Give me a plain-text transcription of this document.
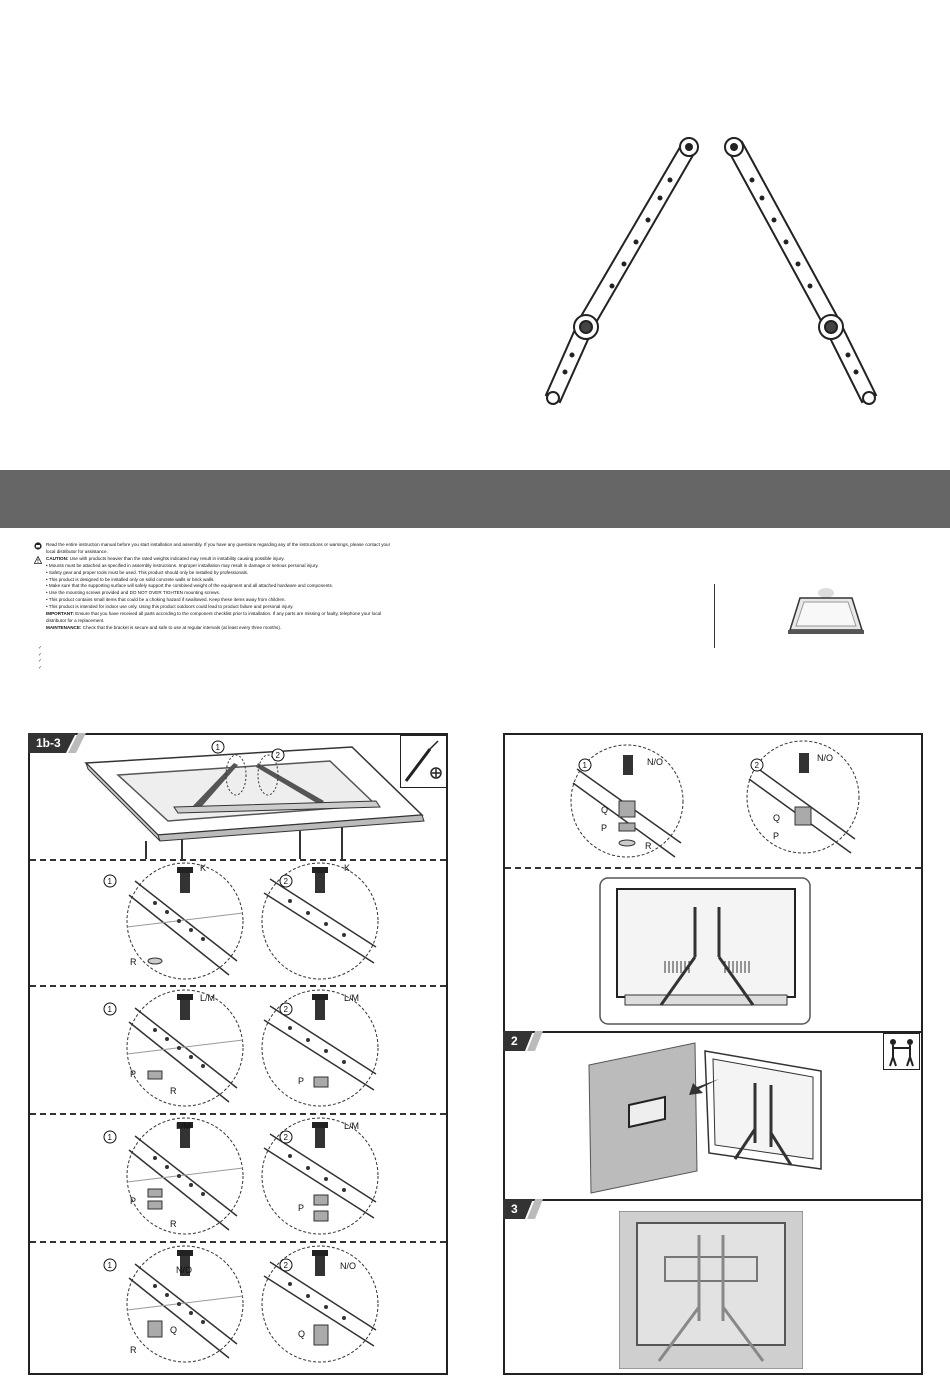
Read the entire instruction manual before you start installation and assembly. If you have any questions regarding any of the instructions or warnings, please contact your
local distributor for assistance.
CAUTION: Use with products heavier than the rated weights indicated may result in instability causing possible injury.
• Mounts must be attached as specified in assembly instructions. Improper installation may result in damage or serious personal injury.
• Safety gear and proper tools must be used. This product should only be installed by professionals.
• This product is designed to be installed only on solid concrete walls or brick walls.
• Make sure that the supporting surface will safely support the combined weight of the equipment and all attached hardware and components.
• Use the mounting screws provided and DO NOT OVER TIGHTEN mounting screws.
• This product contains small items that could be a choking hazard if swallowed. Keep these items away from children.
• This product is intended for indoor use only. Using this product outdoors could lead to product failure and personal injury.
IMPORTANT: Ensure that you have received all parts according to the component checklist prior to installation. If any parts are missing or faulty, telephone your local
distributor for a replacement.
MAINTENANCE: Check that the bracket is secure and safe to use at regular intervals (at least every three months).
✓
✓
✓
✓
1b-3	1
2
1	2
K	K
R
1	2
L/M	L/M
P
R
P
1	2
L/M	L/M
P
R
P
1	2
N/O	N/O
Q
R
Q
1	2
N/O	N/O
Q
P
R
Q
P
2
3
